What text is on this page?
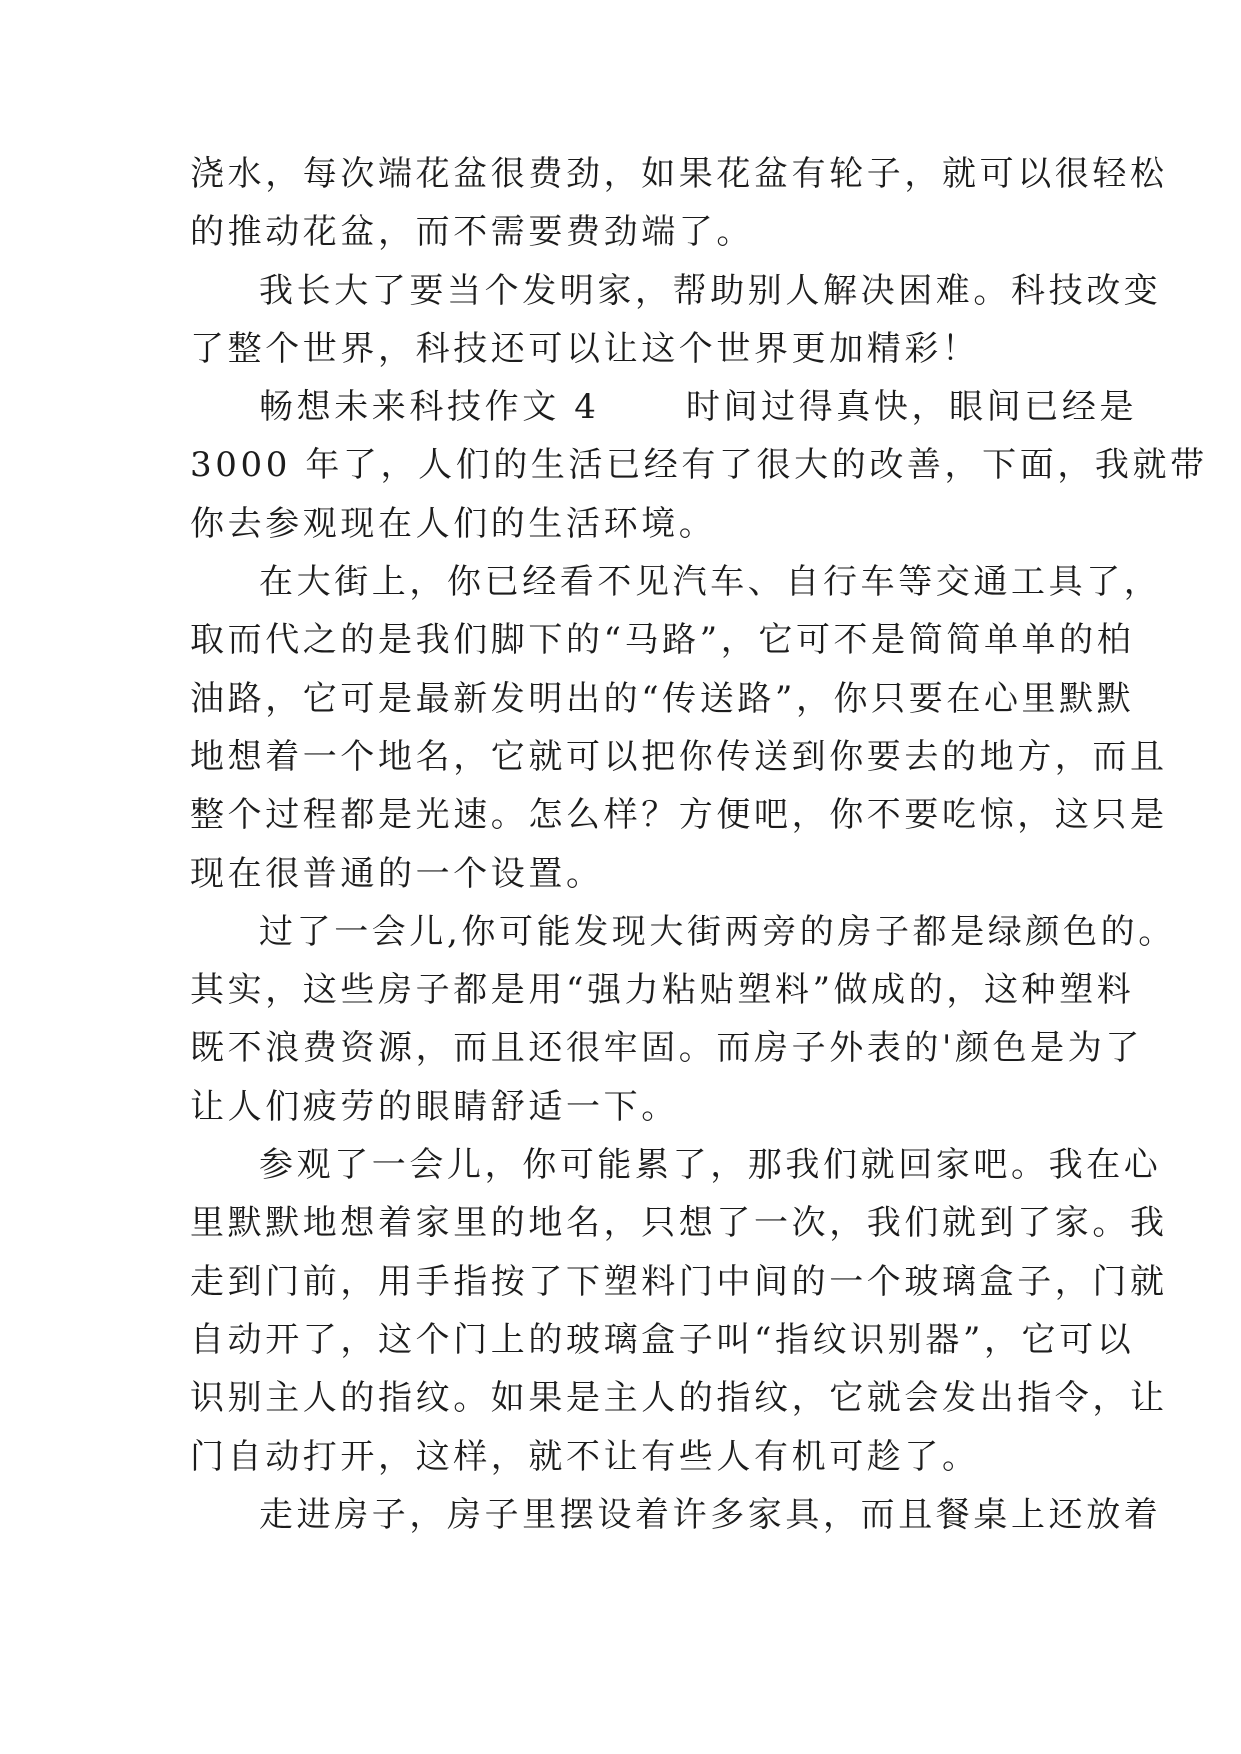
浇水，每次端花盆很费劲，如果花盆有轮子，就可以很轻松
的推动花盆，而不需要费劲端了。
我长大了要当个发明家，帮助别人解决困难。科技改变
了整个世界，科技还可以让这个世界更加精彩！
畅想未来科技作文 4      时间过得真快，眼间已经是
3000 年了，人们的生活已经有了很大的改善，下面，我就带
你去参观现在人们的生活环境。
在大街上，你已经看不见汽车、自行车等交通工具了，
取而代之的是我们脚下的“马路”，它可不是简简单单的柏
油路，它可是最新发明出的“传送路”，你只要在心里默默
地想着一个地名，它就可以把你传送到你要去的地方，而且
整个过程都是光速。怎么样？方便吧，你不要吃惊，这只是
现在很普通的一个设置。
过了一会儿,你可能发现大街两旁的房子都是绿颜色的。
其实，这些房子都是用“强力粘贴塑料”做成的，这种塑料
既不浪费资源，而且还很牢固。而房子外表的'颜色是为了
让人们疲劳的眼睛舒适一下。
参观了一会儿，你可能累了，那我们就回家吧。我在心
里默默地想着家里的地名，只想了一次，我们就到了家。我
走到门前，用手指按了下塑料门中间的一个玻璃盒子，门就
自动开了，这个门上的玻璃盒子叫“指纹识别器”，它可以
识别主人的指纹。如果是主人的指纹，它就会发出指令，让
门自动打开，这样，就不让有些人有机可趁了。
走进房子，房子里摆设着许多家具，而且餐桌上还放着
